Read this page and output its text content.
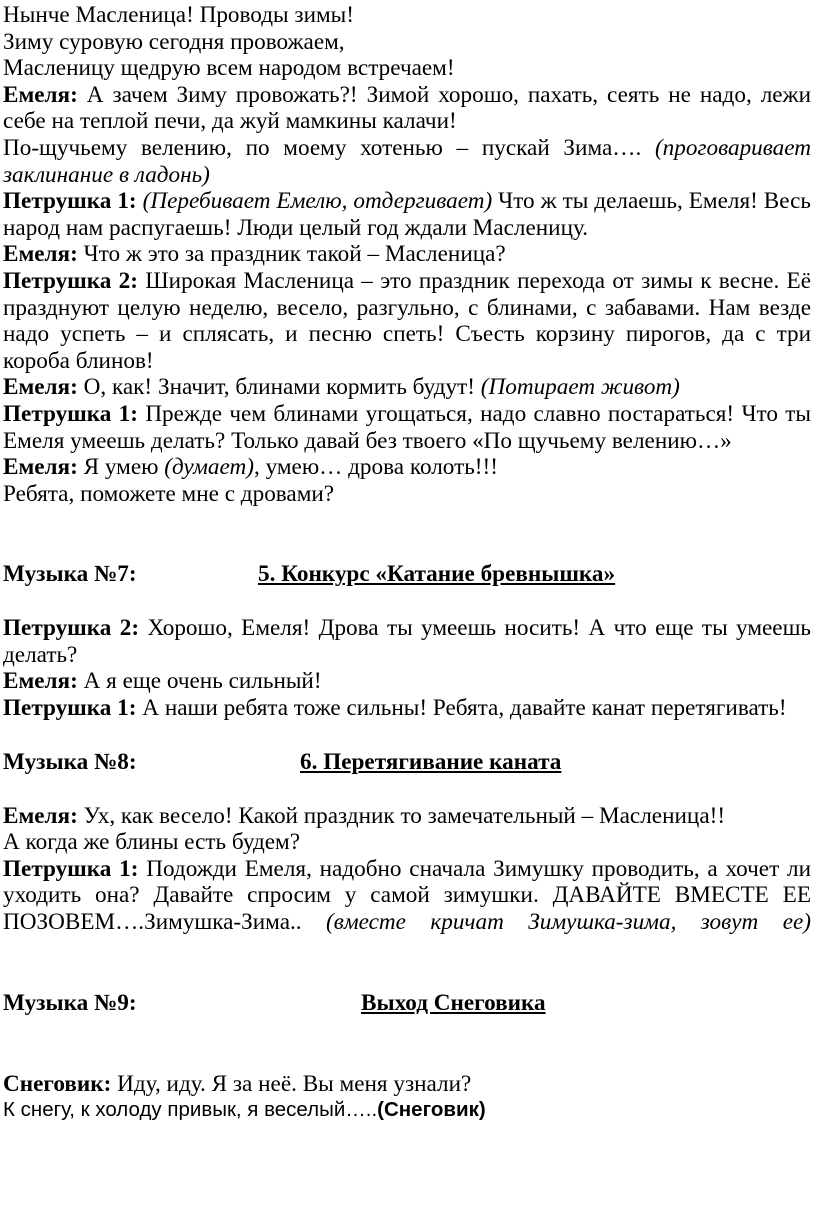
Нынче Масленица! Проводы зимы!

Зиму суровую сегодня провожаем,

Масленицу щедрую всем народом встречаем!

Емеля: А зачем Зиму провожать?! Зимой хорошо, пахать, сеять не надо, лежи себе на теплой печи, да жуй мамкины калачи!

По-щучьему велению, по моему хотенью – пускай Зима…. (проговаривает заклинание в ладонь)

Петрушка 1: (Перебивает Емелю, отдергивает) Что ж ты делаешь, Емеля! Весь народ нам распугаешь! Люди целый год ждали Масленицу.

Емеля: Что ж это за праздник такой – Масленица?

Петрушка 2: Широкая Масленица – это праздник перехода от зимы к весне. Её празднуют целую неделю, весело, разгульно, с блинами, с забавами. Нам везде надо успеть – и сплясать, и песню спеть! Съесть корзину пирогов, да с три короба блинов!

Емеля: О, как! Значит, блинами кормить будут! (Потирает живот)

Петрушка 1: Прежде чем блинами угощаться, надо славно постараться! Что ты Емеля умеешь делать? Только давай без твоего «По щучьему велению…»

Емеля: Я умею (думает), умею… дрова колоть!!!

Ребята, поможете мне с дровами?

Музыка №7:	5. Конкурс «Катание бревнышка»

Петрушка 2: Хорошо, Емеля! Дрова ты умеешь носить! А что еще ты умеешь делать?

Емеля: А я еще очень сильный!

Петрушка 1: А наши ребята тоже сильны! Ребята, давайте канат перетягивать!

Музыка №8:	6. Перетягивание каната

Емеля: Ух, как весело! Какой праздник то замечательный – Масленица!!

А когда же блины есть будем?

Петрушка 1: Подожди Емеля, надобно сначала Зимушку проводить, а хочет ли уходить она? Давайте спросим у самой зимушки. ДАВАЙТЕ ВМЕСТЕ ЕЕ ПОЗОВЕМ….Зимушка-Зима.. (вместе кричат Зимушка-зима, зовут ее)

Музыка №9:	Выход Снеговика

Снеговик: Иду, иду. Я за неё. Вы меня узнали?

К снегу, к холоду привык, я веселый…..(Снеговик)
